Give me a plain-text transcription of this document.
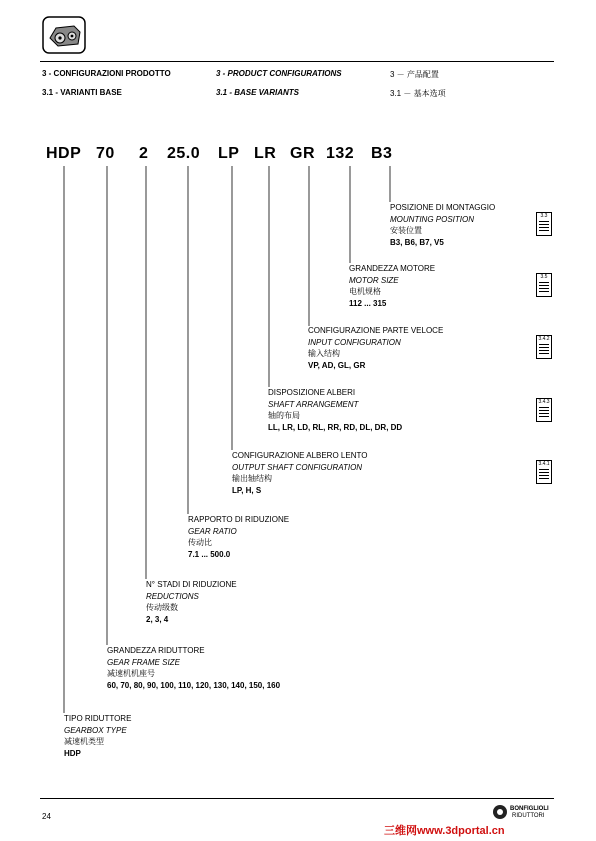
3 - CONFIGURAZIONI PRODOTTO
3.1 - VARIANTI BASE
3 - PRODUCT CONFIGURATIONS
3.1 - BASE VARIANTS
3 － 产品配置
3.1 － 基本选项
HDP 70 2 25.0 LP LR GR 132 B3
POSIZIONE DI MONTAGGIO
MOUNTING POSITION
安装位置
B3, B6, B7, V5
GRANDEZZA MOTORE
MOTOR SIZE
电机规格
112 ... 315
CONFIGURAZIONE PARTE VELOCE
INPUT CONFIGURATION
输入结构
VP, AD, GL, GR
DISPOSIZIONE ALBERI
SHAFT ARRANGEMENT
轴的布局
LL, LR, LD, RL, RR, RD, DL, DR, DD
CONFIGURAZIONE ALBERO LENTO
OUTPUT SHAFT CONFIGURATION
输出轴结构
LP, H, S
RAPPORTO DI RIDUZIONE
GEAR RATIO
传动比
7.1 ... 500.0
N° STADI DI RIDUZIONE
REDUCTIONS
传动级数
2, 3, 4
GRANDEZZA RIDUTTORE
GEAR FRAME SIZE
减速机机座号
60, 70, 80, 90, 100, 110, 120, 130, 140, 150, 160
TIPO RIDUTTORE
GEARBOX TYPE
减速机类型
HDP
3.3
3.5
3.4.2
3.4.3
3.4.1
24
BONFIGLIOLI
RIDUTTORI
三维网www.3dportal.cn
